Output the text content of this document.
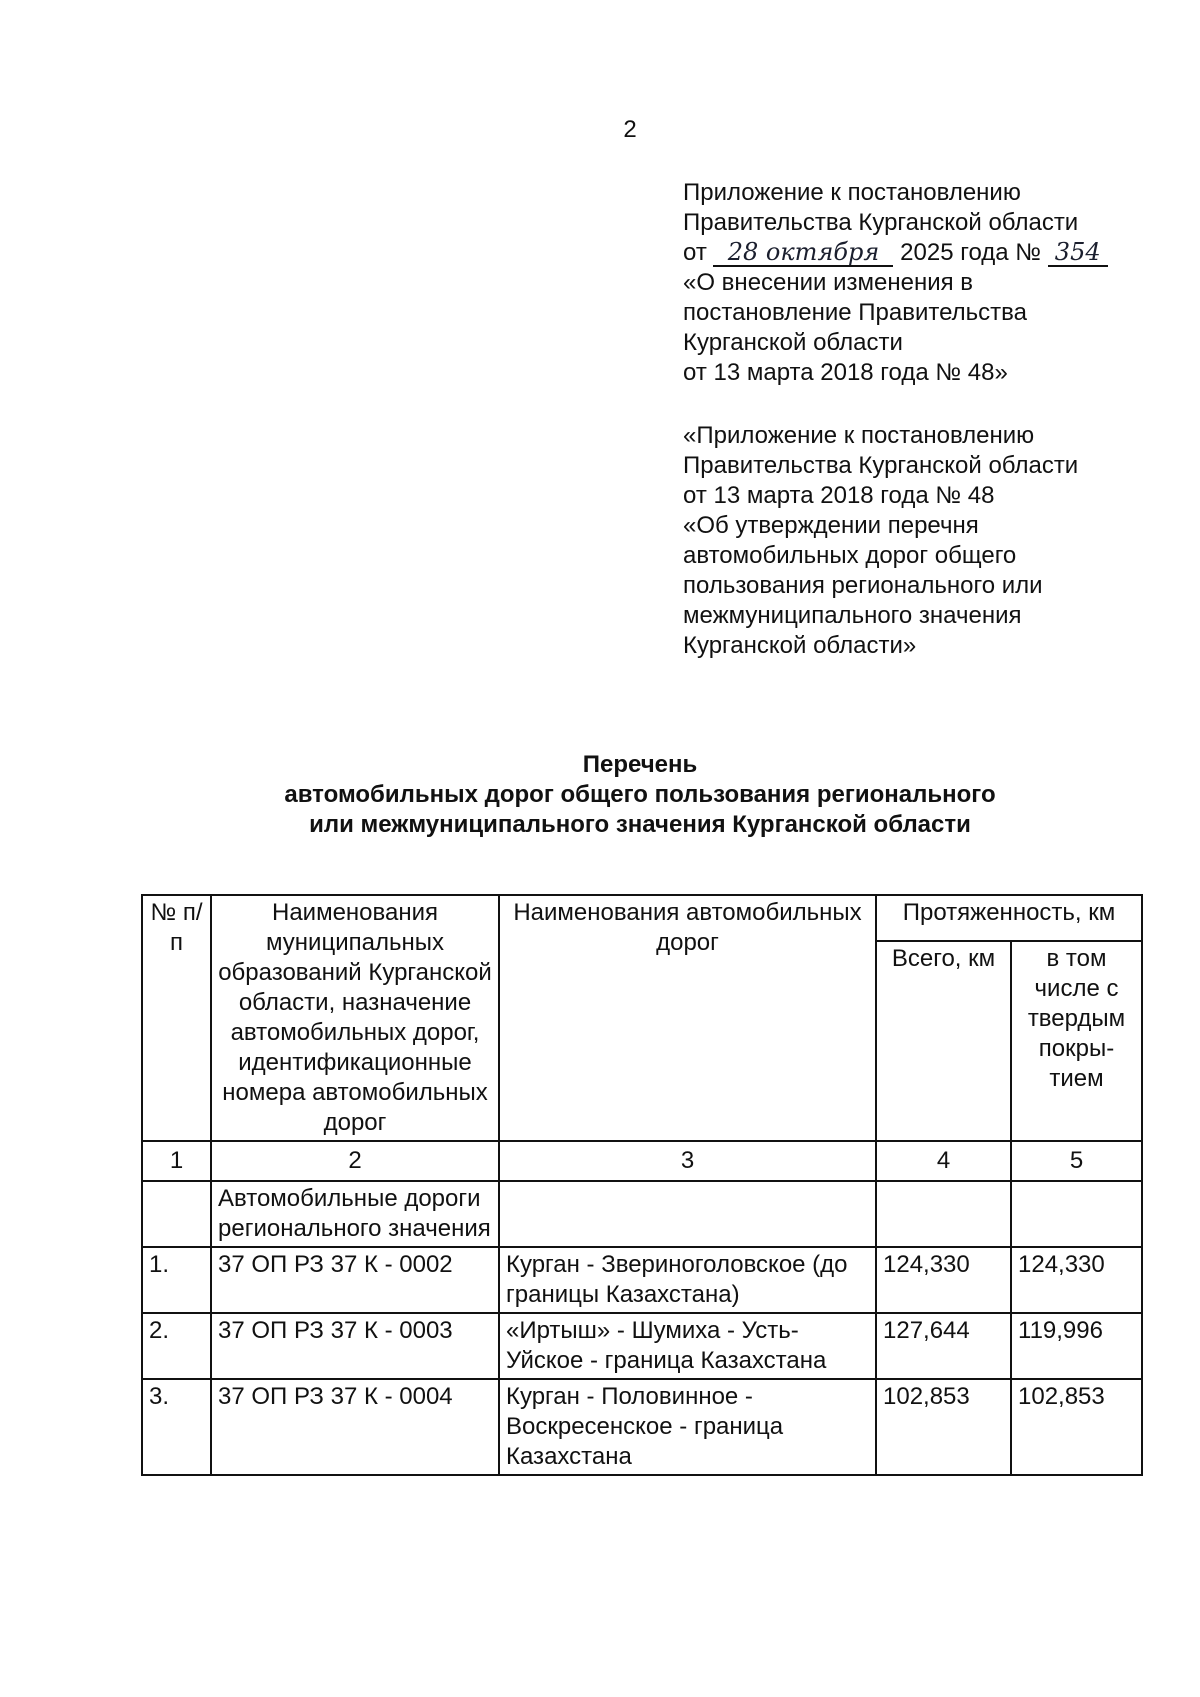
2
Приложение к постановлению
Правительства Курганской области
от 28 октября 2025 года № 354
«О внесении изменения в
постановление Правительства
Курганской области
от 13 марта 2018 года № 48»
«Приложение к постановлению
Правительства Курганской области
от 13 марта 2018 года № 48
«Об утверждении перечня
автомобильных дорог общего
пользования регионального или
межмуниципального значения
Курганской области»
Перечень
автомобильных дорог общего пользования регионального
или межмуниципального значения Курганской области
№ п/п	Наименования муниципальных образований Курганской области, назначение автомобильных дорог, идентификационные номера автомобильных дорог	Наименования автомобильных дорог	Протяженность, км	
			Всего, км	в том числе с твердым покры-тием
1	2	3	4	5
	Автомобильные дороги регионального значения			
1.	37 ОП РЗ 37 К - 0002	Курган - Звериноголовское (до границы Казахстана)	124,330	124,330
2.	37 ОП РЗ 37 К - 0003	«Иртыш» - Шумиха - Усть-Уйское - граница Казахстана	127,644	119,996
3.	37 ОП РЗ 37 К - 0004	Курган - Половинное - Воскресенское - граница Казахстана	102,853	102,853
